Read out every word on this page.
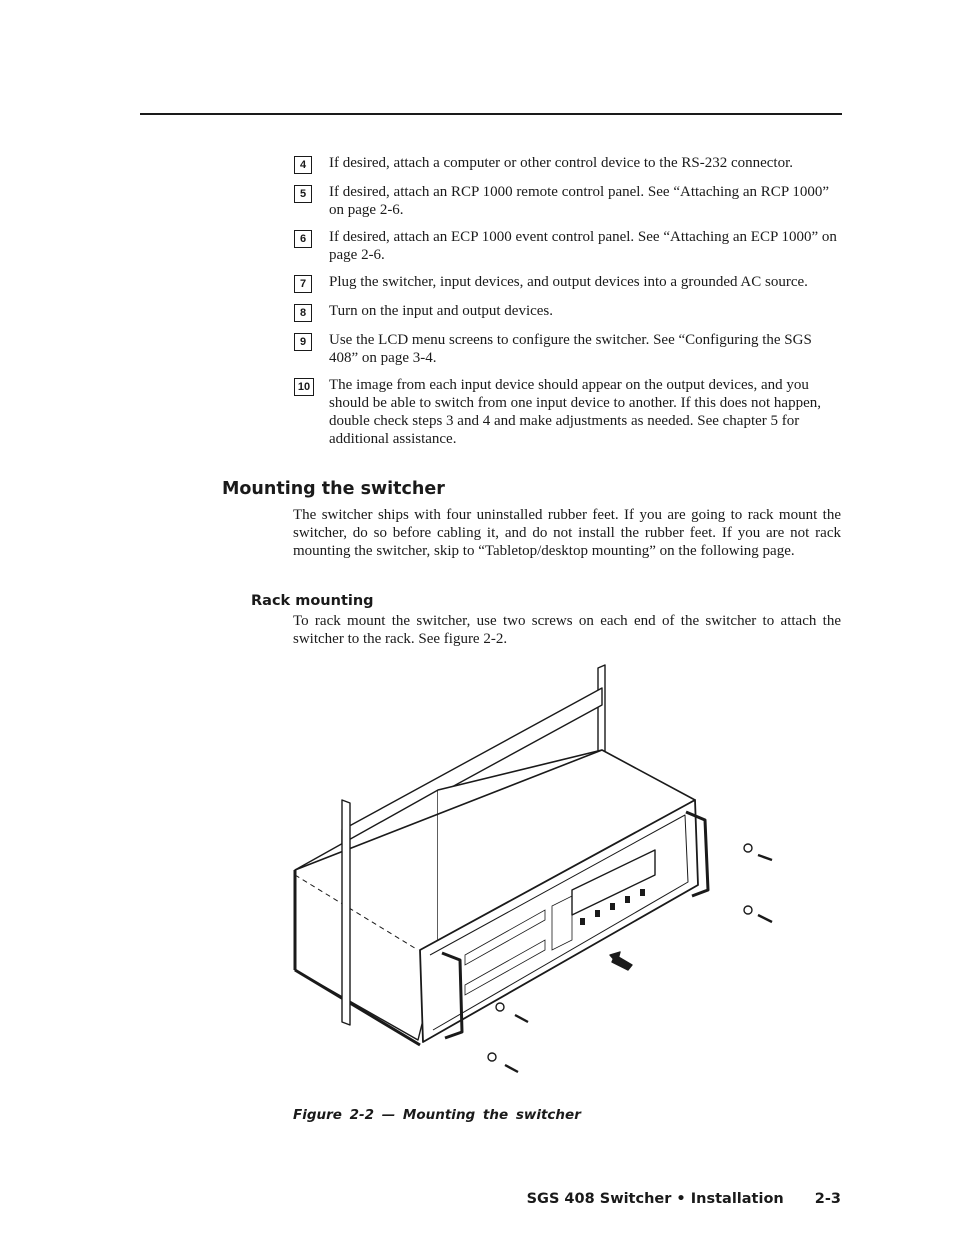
4	If desired, attach a computer or other control device to the RS-232 connector.
5	If desired, attach an RCP 1000 remote control panel. See “Attaching an RCP 1000” on page 2-6.
6	If desired, attach an ECP 1000 event control panel. See “Attaching an ECP 1000” on page 2-6.
7	Plug the switcher, input devices, and output devices into a grounded AC source.
8	Turn on the input and output devices.
9	Use the LCD menu screens to configure the switcher. See “Configuring the SGS 408” on page 3-4.
10 The image from each input device should appear on the output devices, and you should be able to switch from one input device to another. If this does not happen, double check steps 3 and 4 and make adjustments as needed. See chapter 5 for additional assistance.
Mounting the switcher

The switcher ships with four uninstalled rubber feet. If you are going to rack mount the switcher, do so before cabling it, and do not install the rubber feet. If you are not rack mounting the switcher, skip to “Tabletop/desktop mounting” on the following page.

Rack mounting

To rack mount the switcher, use two screws on each end of the switcher to attach the switcher to the rack. See figure 2-2.

Figure 2-2 — Mounting the switcher

SGS 408 Switcher • Installation 2-3
